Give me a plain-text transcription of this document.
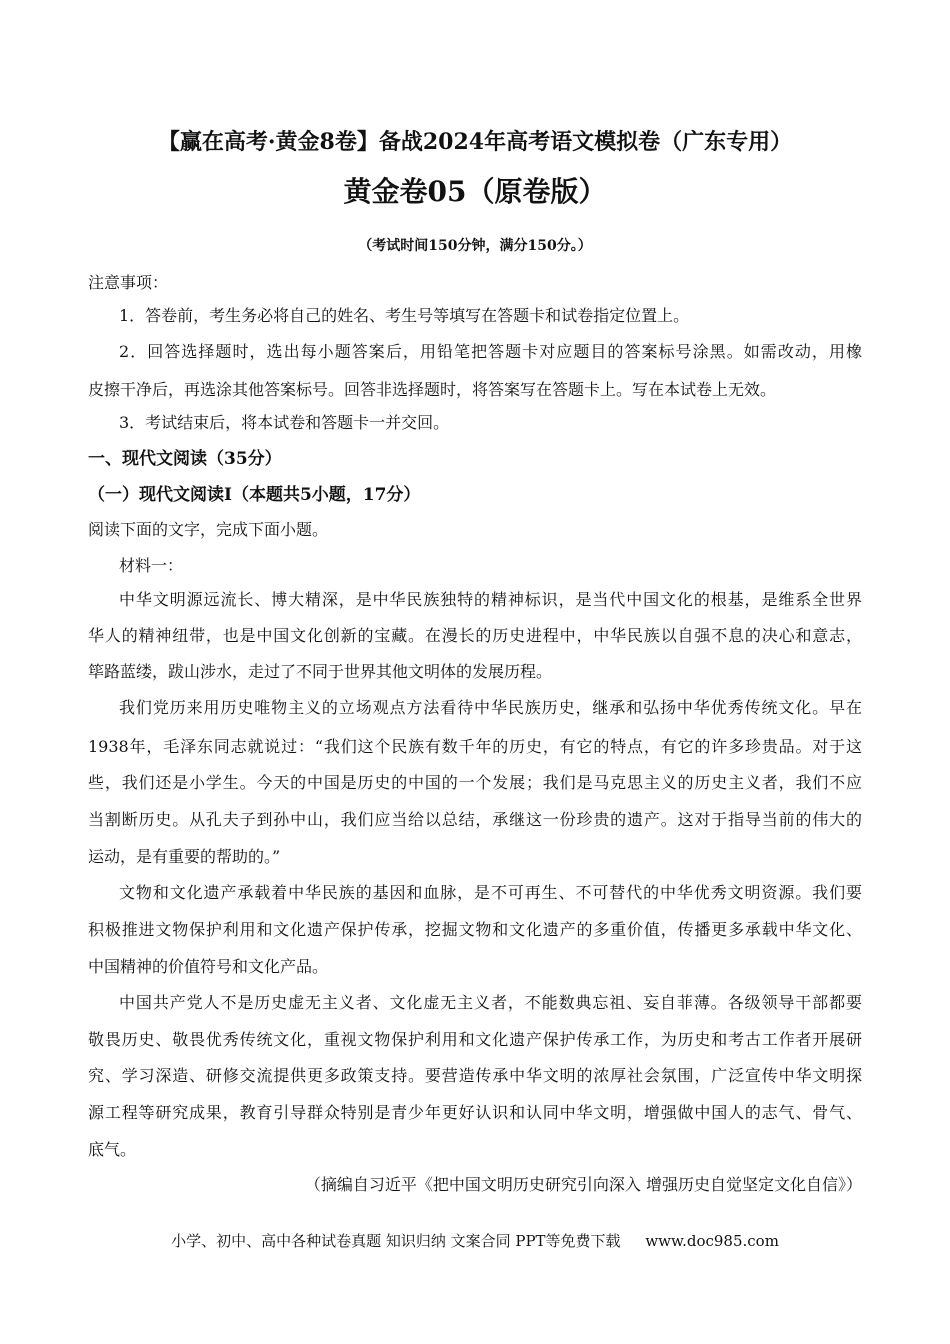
【赢在高考·黄金8卷】备战2024年高考语文模拟卷（广东专用）
黄金卷05（原卷版）
（考试时间150分钟，满分150分。）
注意事项：
1．答卷前，考生务必将自己的姓名、考生号等填写在答题卡和试卷指定位置上。
2．回答选择题时，选出每小题答案后，用铅笔把答题卡对应题目的答案标号涂黑。如需改动，用橡
皮擦干净后，再选涂其他答案标号。回答非选择题时，将答案写在答题卡上。写在本试卷上无效。
3．考试结束后，将本试卷和答题卡一并交回。
一、现代文阅读（35分）
（一）现代文阅读Ⅰ（本题共5小题，17分）
阅读下面的文字，完成下面小题。
材料一：
中华文明源远流长、博大精深，是中华民族独特的精神标识，是当代中国文化的根基，是维系全世界
华人的精神纽带，也是中国文化创新的宝藏。在漫长的历史进程中，中华民族以自强不息的决心和意志，
筚路蓝缕，跋山涉水，走过了不同于世界其他文明体的发展历程。
我们党历来用历史唯物主义的立场观点方法看待中华民族历史，继承和弘扬中华优秀传统文化。早在
1938年，毛泽东同志就说过：“我们这个民族有数千年的历史，有它的特点，有它的许多珍贵品。对于这
些，我们还是小学生。今天的中国是历史的中国的一个发展；我们是马克思主义的历史主义者，我们不应
当割断历史。从孔夫子到孙中山，我们应当给以总结，承继这一份珍贵的遗产。这对于指导当前的伟大的
运动，是有重要的帮助的。”
文物和文化遗产承载着中华民族的基因和血脉，是不可再生、不可替代的中华优秀文明资源。我们要
积极推进文物保护利用和文化遗产保护传承，挖掘文物和文化遗产的多重价值，传播更多承载中华文化、
中国精神的价值符号和文化产品。
中国共产党人不是历史虚无主义者、文化虚无主义者，不能数典忘祖、妄自菲薄。各级领导干部都要
敬畏历史、敬畏优秀传统文化，重视文物保护利用和文化遗产保护传承工作，为历史和考古工作者开展研
究、学习深造、研修交流提供更多政策支持。要营造传承中华文明的浓厚社会氛围，广泛宣传中华文明探
源工程等研究成果，教育引导群众特别是青少年更好认识和认同中华文明，增强做中国人的志气、骨气、
底气。
（摘编自习近平《把中国文明历史研究引向深入 增强历史自觉坚定文化自信》）
小学、初中、高中各种试卷真题 知识归纳 文案合同 PPT等免费下载 www.doc985.com
